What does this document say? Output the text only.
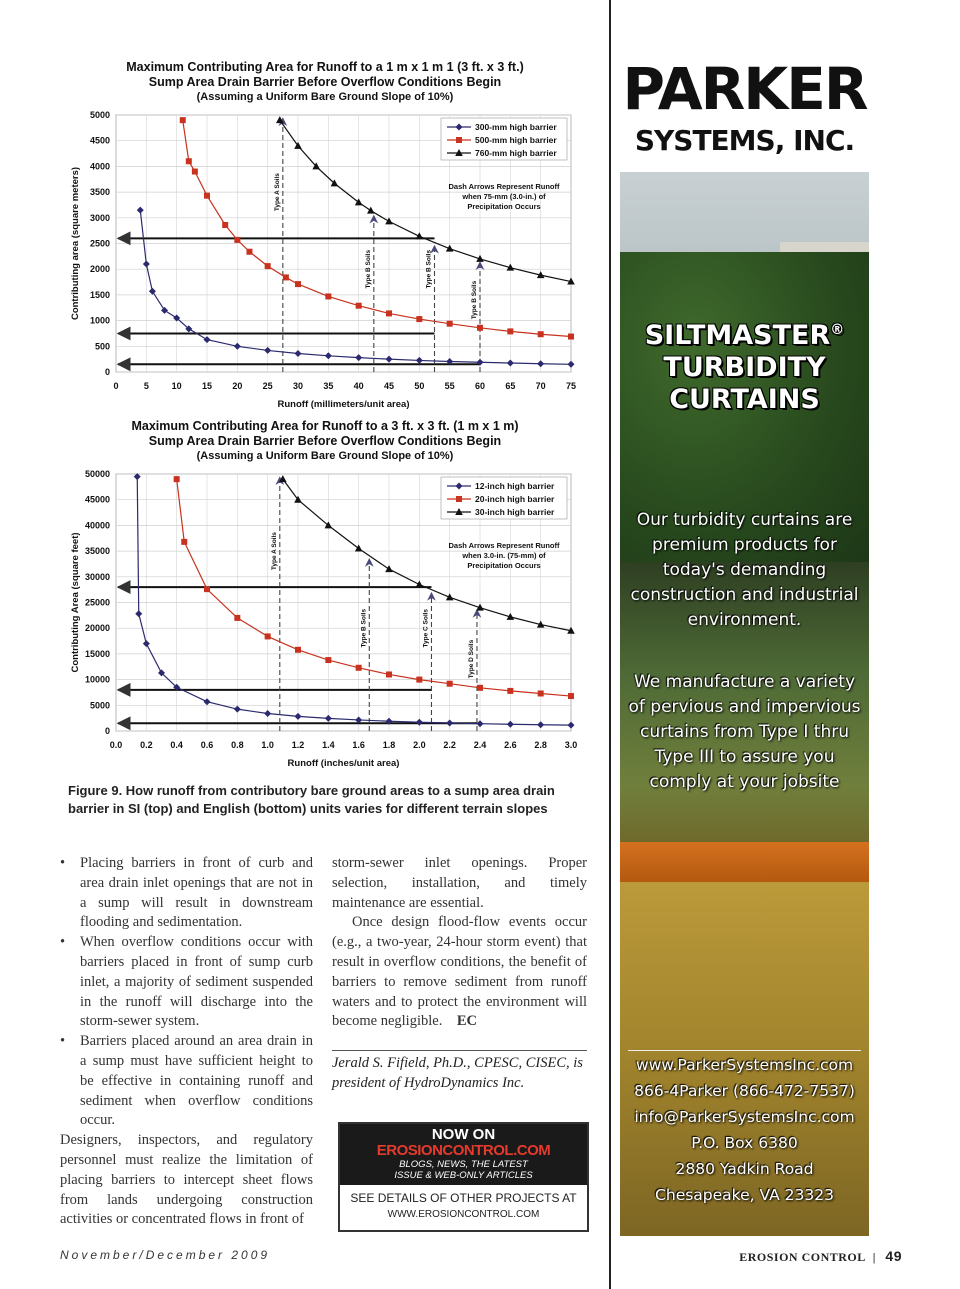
Maximum Contributing Area for Runoff to a 1 m x 1 m 1 (3 ft. x 3 ft.)
Sump Area Drain Barrier Before Overflow Conditions Begin
(Assuming a Uniform Bare Ground Slope of 10%)
0
500
1000
1500
2000
2500
3000
3500
4000
4500
5000
0	5	10 15 20 25 30 35 40 45 50 55 60 65 70 75
Runoff (millimeters/unit area)
Contributing area (square meters)	Type A Soils
Type B Soils	Type B Soils
Type B Soils
300-mm high barrier
500-mm high barrier
760-mm high barrier
Dash Arrows Represent Runoff
when 75-mm (3.0-in.) of
Precipitation Occurs
Maximum Contributing Area for Runoff to a 3 ft. x 3 ft. (1 m x 1 m)
Sump Area Drain Barrier Before Overflow Conditions Begin
(Assuming a Uniform Bare Ground Slope of 10%)
0
5000
10000
15000
20000
25000
30000
35000
40000
45000
50000
0.0 0.2 0.4 0.6 0.8 1.0 1.2 1.4 1.6 1.8 2.0 2.2 2.4 2.6 2.8 3.0
Runoff (inches/unit area)
Contributing Area (square feet)	Type A Soils
Type B Soils	Type C Soils
Type D Soils
12-inch high barrier
20-inch high barrier
30-inch high barrier
Dash Arrows Represent Runoff
when 3.0-in. (75-mm) of
Precipitation Occurs
Figure 9. How runoff from contributory bare ground areas to a sump area drain barrier in SI (top) and English (bottom) units varies for different terrain slopes
•	Placing barriers in front of curb and area drain inlet openings that are not in a sump will result in downstream flooding and sedimentation.

•	When overflow conditions occur with barriers placed in front of sump curb inlet, a majority of sediment suspended in the runoff will discharge into the storm-sewer system.

•	Barriers placed around an area drain in a sump must have sufficient height to be effective in containing runoff and sediment when overflow conditions occur.

Designers, inspectors, and regulatory personnel must realize the limitation of placing barriers to intercept sheet flows from lands undergoing construction activities or concentrated flows in front of

storm-sewer inlet openings. Proper selection, installation, and timely maintenance are essential.

Once design flood-flow events occur (e.g., a two-year, 24-hour storm event) that result in overflow conditions, the benefit of barriers to remove sediment from runoff waters and to protect the environment will become negligible. EC

Jerald S. Fifield, Ph.D., CPESC, CISEC, is president of HydroDynamics Inc.
NOW ON
EROSIONCONTROL.COM
BLOGS, NEWS, THE LATEST
ISSUE & WEB-ONLY ARTICLES
SEE DETAILS OF OTHER PROJECTS AT
WWW.EROSIONCONTROL.COM
November/December 2009	EROSION CONTROL | 49
PARKER
SYSTEMS, INC.
SILTMASTER®
TURBIDITY
CURTAINS
Our turbidity curtains are premium products for today's demanding construction and industrial environment.
We manufacture a variety of pervious and impervious curtains from Type I thru Type III to assure you comply at your jobsite
www.ParkerSystemsInc.com
866-4Parker (866-472-7537)
info@ParkerSystemsInc.com
P.O. Box 6380
2880 Yadkin Road
Chesapeake, VA 23323
